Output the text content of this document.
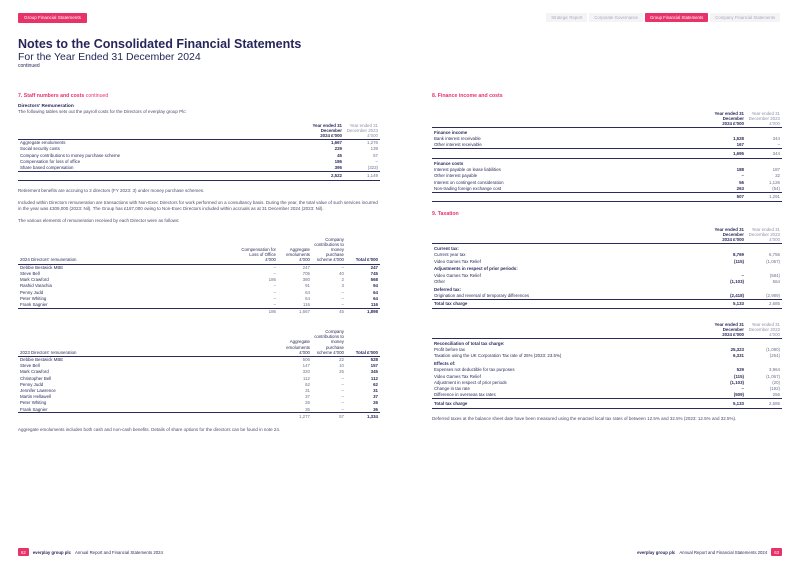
Group Financial Statements	Strategic Report	Corporate Governance	Group Financial Statements	Company Financial Statements
Notes to the Consolidated Financial Statements
For the Year Ended 31 December 2024
continued
7. Staff numbers and costs continued
Directors' Remuneration
The following tables sets out the payroll costs for the Directors of everplay group Plc:
	Year ended 31 December 2024 £'000	Year ended 31 December 2023 £'000
Aggregate emoluments	1,667	1,276
Social security costs	229	139
Company contributions to money purchase scheme	45	57
Compensation for loss of office	186	–
Share based compensation	395	(323)
	2,522	1,149
Retirement benefits are accruing to 2 directors (FY 2023: 3) under money purchase schemes.
Included within Directors remuneration are transactions with Non-Exec Directors for work performed on a consultancy basis. During the year, the total value of such services incurred in the year was £309,000 (2023: Nil). The Group has £187,000 owing to Non-Exec Directors included within accruals as at 31 December 2024 (2023: Nil).
The various elements of remuneration received by each Director were as follows:
2024 Directors' remuneration	Compensation for Loss of Office £'000	Aggregate emoluments £'000	Company contributions to money purchase scheme £'000	Total £'000
Debbie Bestwick MBE	–	247	–	247
Steve Bell	–	705	40	745
Mark Crawford	186	380	2	568
Rashid Varachia	–	91	3	94
Penny Judd	–	64	–	64
Peter Whiting	–	64	–	64
Frank Sagnier	–	116	–	116
	186	1,667	45	1,898
2023 Directors' remuneration	Aggregate emoluments £'000	Company contributions to money purchase scheme £'000	Total £'000
Debbie Bestwick MBE	506	22	528
Steve Bell	147	10	157
Mark Crawford	320	25	345
Christopher Bell	112	–	112
Penny Judd	62	–	62
Jennifer Lawrence	31	–	31
Martin Hellawell	37	–	37
Peter Whiting	26	–	26
Frank Sagnier	36	–	36
	1,277	57	1,334
Aggregate emoluments includes both cash and non-cash benefits. Details of share options for the directors can be found in note 24.
8. Finance income and costs
	Year ended 31 December 2024 £'000	Year ended 31 December 2023 £'000
Finance income		
Bank interest receivable	1,528	344
Other interest receivable	167	–
	1,695	344
Finance costs		
Interest payable on lease liabilities	188	187
Other interest payable	–	32
Interest on contingent consideration	56	1,126
Non-trading foreign exchange cost	263	(54)
	507	1,291
9. Taxation
	Year ended 31 December 2024 £'000	Year ended 31 December 2023 £'000
Current tax:		
Current year tax	8,769	6,756
Video Games Tax Relief	(115)	(1,067)
Adjustments in respect of prior periods:		
Video Games Tax Relief	–	(584)
Other	(1,103)	564
Deferred tax:		
Origination and reversal of temporary differences	(2,418)	(2,989)
Total tax charge	5,133	2,685
	Year ended 31 December 2024 £'000	Year ended 31 December 2023 £'000
Reconciliation of total tax charge:		
Profit before tax	25,323	(1,080)
Taxation using the UK Corporation Tax rate of 25% (2023: 23.5%)	6,331	(254)
Effects of:		
Expenses not deductible for tax purposes	529	3,964
Video Games Tax Relief	(115)	(1,067)
Adjustment in respect of prior periods	(1,103)	(20)
Change in tax rate	–	(192)
Difference in overseas tax rates	(509)	256
Total tax charge	5,133	2,685
Deferred taxes at the balance sheet date have been measured using the enacted local tax rates of between 12.5% and 32.5% (2023: 12.5% and 32.5%).
62	everplay group plc Annual Report and Financial Statements 2024	everplay group plc Annual Report and Financial Statements 2024	63
